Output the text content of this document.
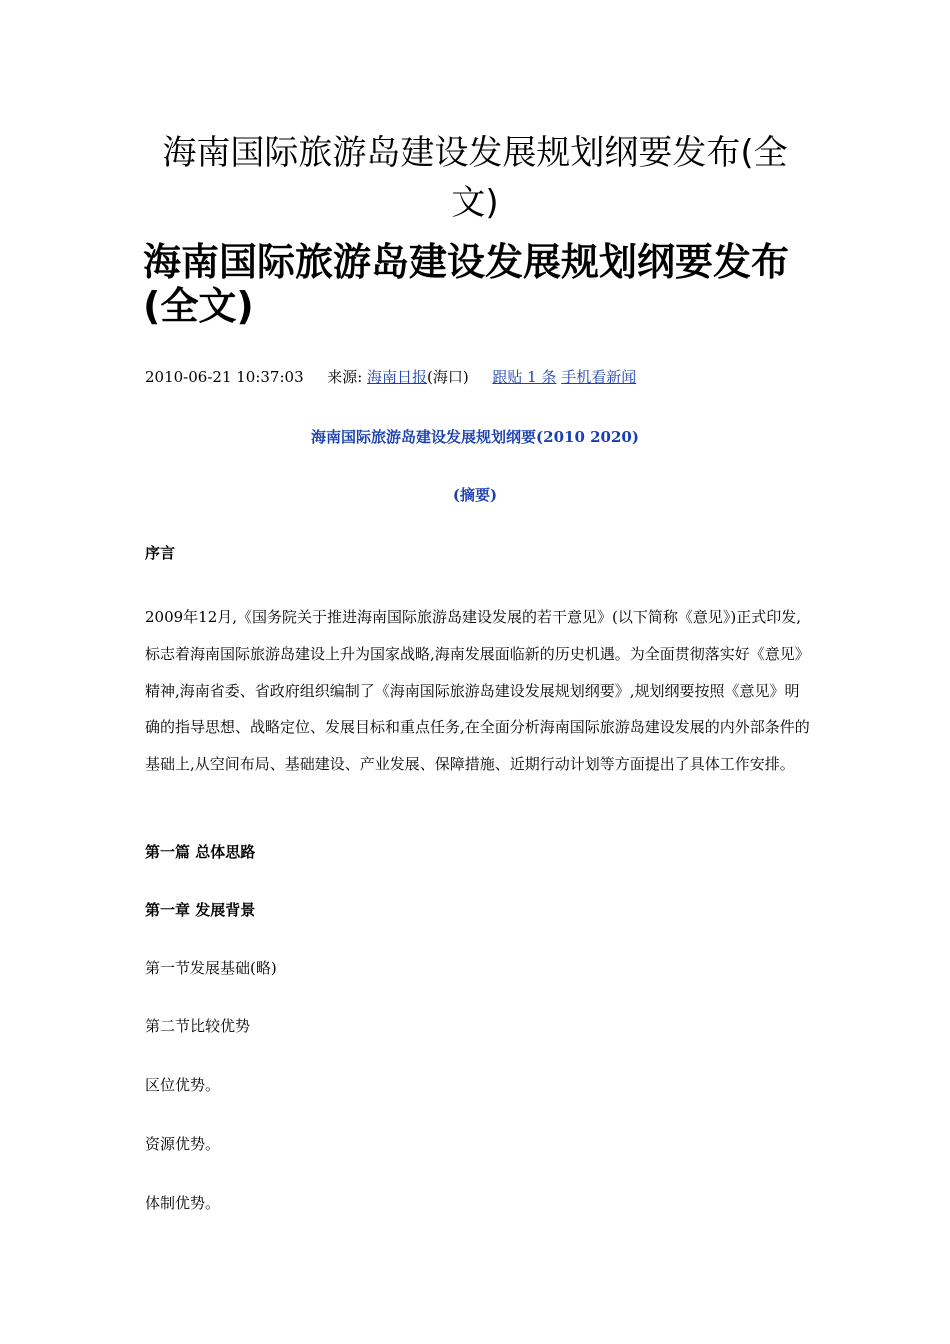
海南国际旅游岛建设发展规划纲要发布(全文)
海南国际旅游岛建设发展规划纲要发布(全文)
2010-06-21 10:37:03 来源: 海南日报(海口) 跟贴 1 条 手机看新闻
海南国际旅游岛建设发展规划纲要(2010 2020)
(摘要)
序言

2009年12月,《国务院关于推进海南国际旅游岛建设发展的若干意见》(以下简称《意见》)正式印发,标志着海南国际旅游岛建设上升为国家战略,海南发展面临新的历史机遇。为全面贯彻落实好《意见》精神,海南省委、省政府组织编制了《海南国际旅游岛建设发展规划纲要》,规划纲要按照《意见》明确的指导思想、战略定位、发展目标和重点任务,在全面分析海南国际旅游岛建设发展的内外部条件的基础上,从空间布局、基础建设、产业发展、保障措施、近期行动计划等方面提出了具体工作安排。

第一篇 总体思路
第一章 发展背景
第一节发展基础(略)
第二节比较优势
区位优势。
资源优势。
体制优势。
